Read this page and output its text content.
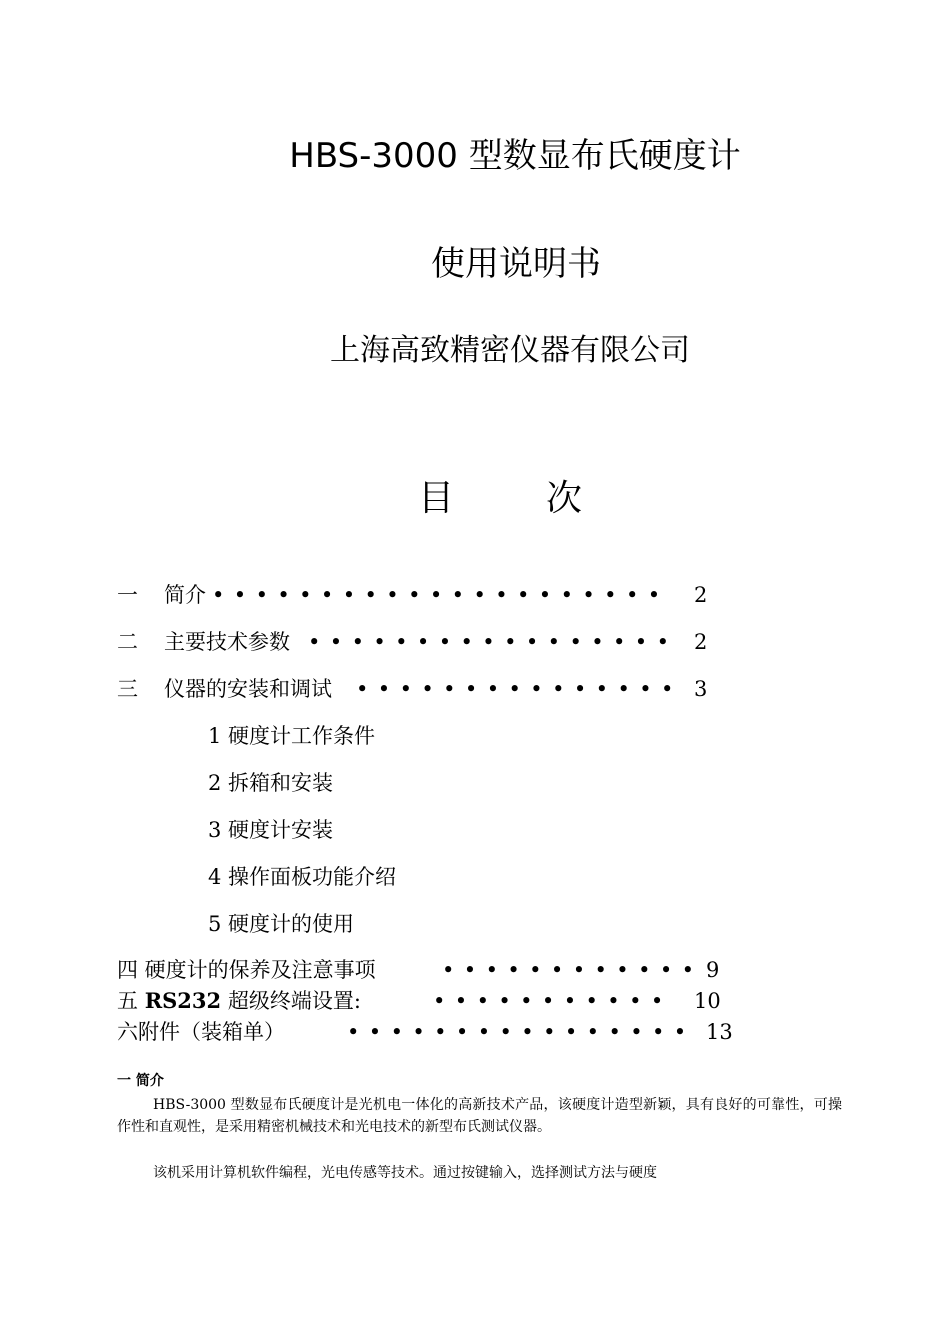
HBS-3000 型数显布氏硬度计
使用说明书
上海高致精密仪器有限公司
目	次
一 简介 ••••••••••••••••••••• 2
二 主要技术参数 ••••••••••••••••• 2
三 仪器的安装和调试 ••••••••••••••• 3
1 硬度计工作条件
2 拆箱和安装
3 硬度计安装
4 操作面板功能介绍
5 硬度计的使用
四 硬度计的保养及注意事项	•••••••••••• 9
五 RS232 超级终端设置:	••••••••••• 10
六附件（装箱单）	•••••••••••••••• 13
一 简介
HBS-3000 型数显布氏硬度计是光机电一体化的高新技术产品，该硬度计造型新颖，具有良好的可靠性，可操作性和直观性，是采用精密机械技术和光电技术的新型布氏测试仪器。
该机采用计算机软件编程，光电传感等技术。通过按键输入，选择测试方法与硬度
